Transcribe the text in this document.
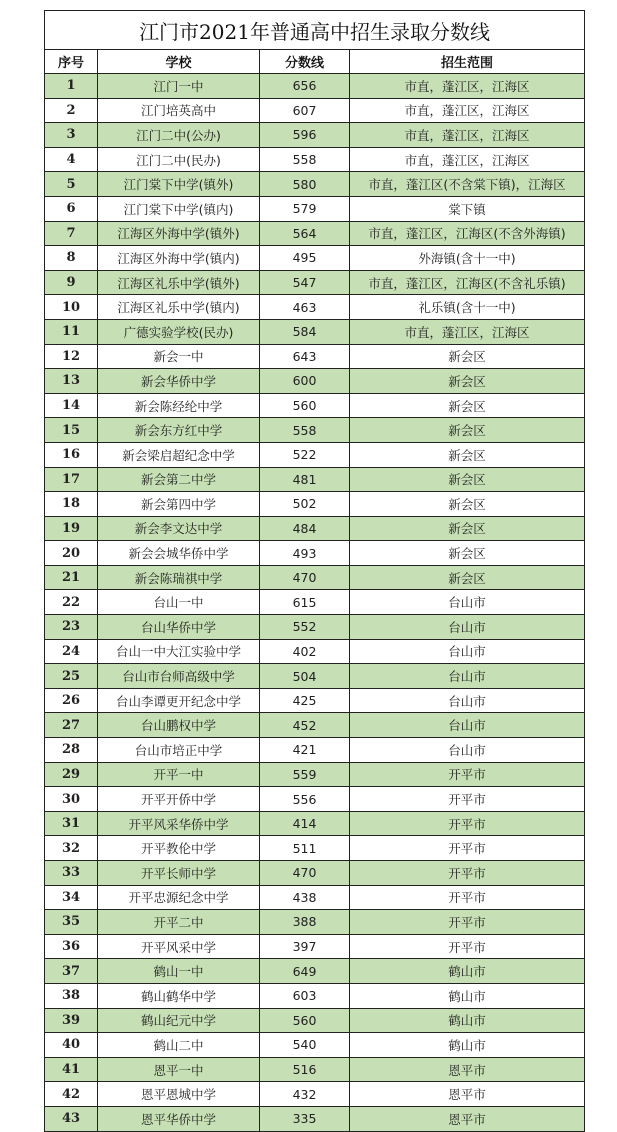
江门市2021年普通高中招生录取分数线			
序号	学校	分数线	招生范围
1	江门一中	656	市直，蓬江区，江海区
2	江门培英高中	607	市直，蓬江区，江海区
3	江门二中(公办)	596	市直，蓬江区，江海区
4	江门二中(民办)	558	市直，蓬江区，江海区
5	江门棠下中学(镇外)	580	市直，蓬江区(不含棠下镇)，江海区
6	江门棠下中学(镇内)	579	棠下镇
7	江海区外海中学(镇外)	564	市直，蓬江区，江海区(不含外海镇)
8	江海区外海中学(镇内)	495	外海镇(含十一中)
9	江海区礼乐中学(镇外)	547	市直，蓬江区，江海区(不含礼乐镇)
10	江海区礼乐中学(镇内)	463	礼乐镇(含十一中)
11	广德实验学校(民办)	584	市直，蓬江区，江海区
12	新会一中	643	新会区
13	新会华侨中学	600	新会区
14	新会陈经纶中学	560	新会区
15	新会东方红中学	558	新会区
16	新会梁启超纪念中学	522	新会区
17	新会第二中学	481	新会区
18	新会第四中学	502	新会区
19	新会李文达中学	484	新会区
20	新会会城华侨中学	493	新会区
21	新会陈瑞祺中学	470	新会区
22	台山一中	615	台山市
23	台山华侨中学	552	台山市
24	台山一中大江实验中学	402	台山市
25	台山市台师高级中学	504	台山市
26	台山李谭更开纪念中学	425	台山市
27	台山鹏权中学	452	台山市
28	台山市培正中学	421	台山市
29	开平一中	559	开平市
30	开平开侨中学	556	开平市
31	开平风采华侨中学	414	开平市
32	开平教伦中学	511	开平市
33	开平长师中学	470	开平市
34	开平忠源纪念中学	438	开平市
35	开平二中	388	开平市
36	开平风采中学	397	开平市
37	鹤山一中	649	鹤山市
38	鹤山鹤华中学	603	鹤山市
39	鹤山纪元中学	560	鹤山市
40	鹤山二中	540	鹤山市
41	恩平一中	516	恩平市
42	恩平恩城中学	432	恩平市
43	恩平华侨中学	335	恩平市
